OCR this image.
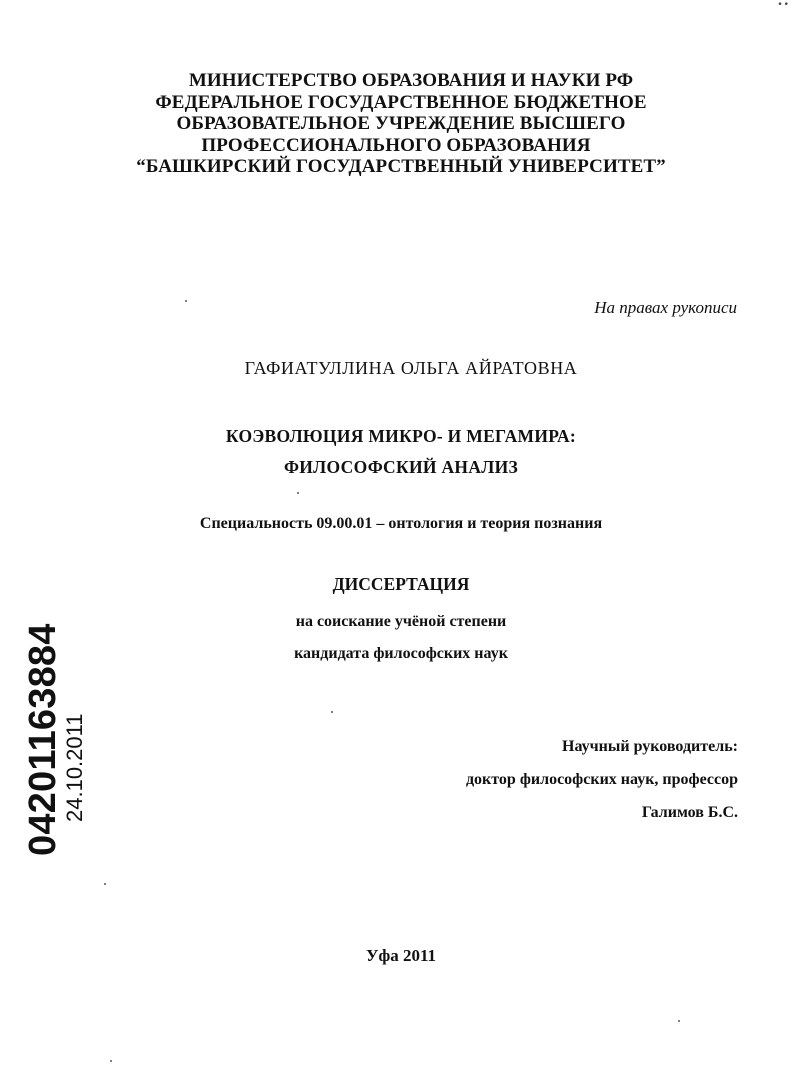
••
МИНИСТЕРСТВО ОБРАЗОВАНИЯ И НАУКИ РФ
ФЕДЕРАЛЬНОЕ ГОСУДАРСТВЕННОЕ БЮДЖЕТНОЕ
ОБРАЗОВАТЕЛЬНОЕ УЧРЕЖДЕНИЕ ВЫСШЕГО
ПРОФЕССИОНАЛЬНОГО ОБРАЗОВАНИЯ
“БАШКИРСКИЙ ГОСУДАРСТВЕННЫЙ УНИВЕРСИТЕТ”
На правах рукописи
ГАФИАТУЛЛИНА ОЛЬГА АЙРАТОВНА
КОЭВОЛЮЦИЯ МИКРО- И МЕГАМИРА:
ФИЛОСОФСКИЙ АНАЛИЗ
Специальность 09.00.01 – онтология и теория познания
ДИССЕРТАЦИЯ
на соискание учёной степени
кандидата философских наук
Научный руководитель:
доктор философских наук, профессор
Галимов Б.С.
Уфа 2011
04201163884
24.10.2011
